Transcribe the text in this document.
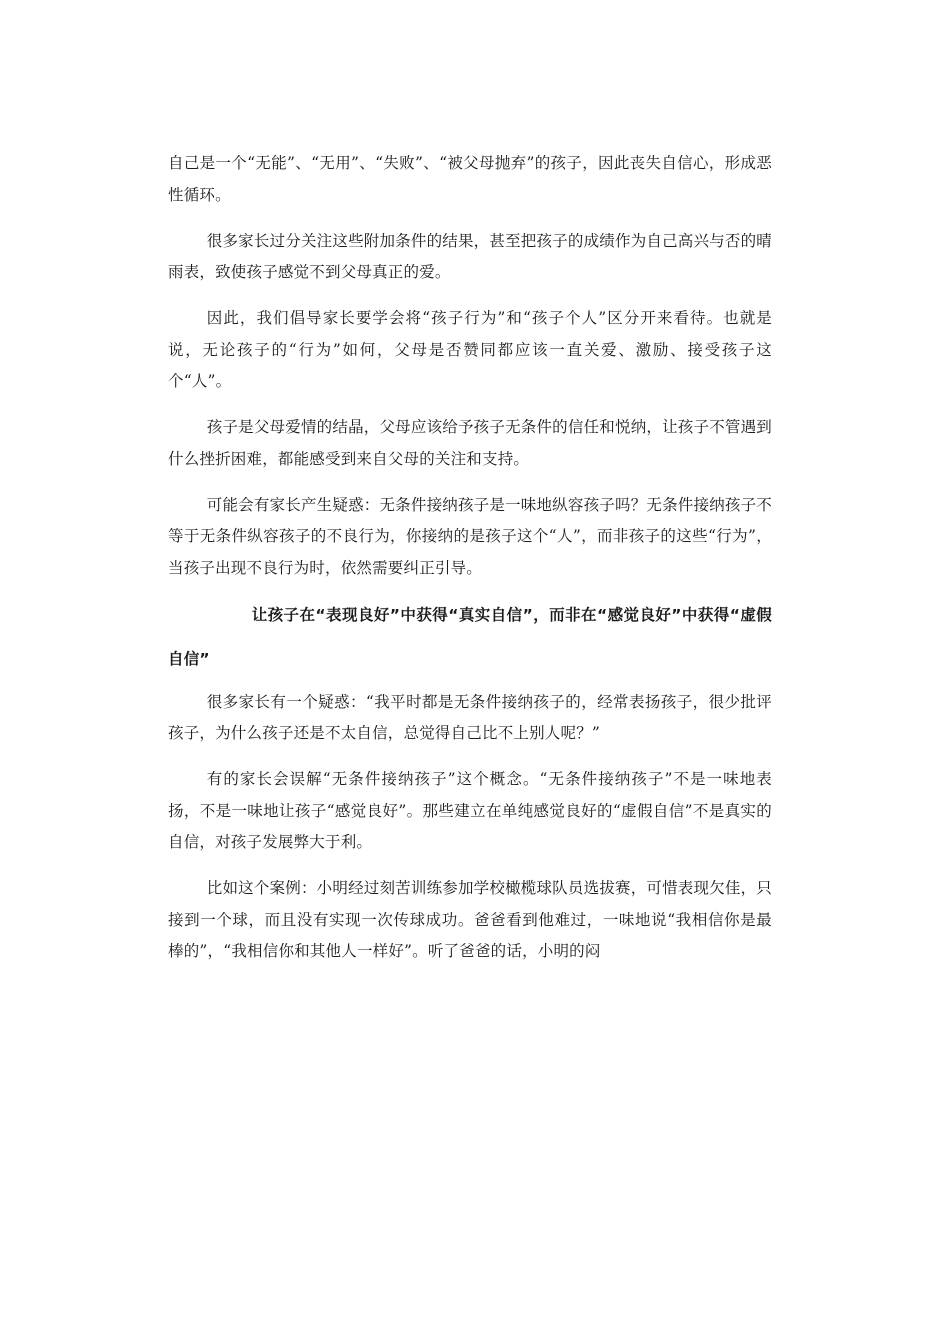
自己是一个“无能”、“无用”、“失败”、“被父母抛弃”的孩子，因此丧失自信心，形成恶性循环。

很多家长过分关注这些附加条件的结果，甚至把孩子的成绩作为自己高兴与否的晴雨表，致使孩子感觉不到父母真正的爱。

因此，我们倡导家长要学会将“孩子行为”和“孩子个人”区分开来看待。也就是说，无论孩子的“行为”如何，父母是否赞同都应该一直关爱、激励、接受孩子这个“人”。

孩子是父母爱情的结晶，父母应该给予孩子无条件的信任和悦纳，让孩子不管遇到什么挫折困难，都能感受到来自父母的关注和支持。

可能会有家长产生疑惑：无条件接纳孩子是一味地纵容孩子吗？无条件接纳孩子不等于无条件纵容孩子的不良行为，你接纳的是孩子这个“人”，而非孩子的这些“行为”，当孩子出现不良行为时，依然需要纠正引导。

让孩子在“表现良好”中获得“真实自信”，而非在“感觉良好”中获得“虚假自信”

很多家长有一个疑惑：“我平时都是无条件接纳孩子的，经常表扬孩子，很少批评孩子，为什么孩子还是不太自信，总觉得自己比不上别人呢？”

有的家长会误解“无条件接纳孩子”这个概念。“无条件接纳孩子”不是一味地表扬，不是一味地让孩子“感觉良好”。那些建立在单纯感觉良好的“虚假自信”不是真实的自信，对孩子发展弊大于利。

比如这个案例：小明经过刻苦训练参加学校橄榄球队员选拔赛，可惜表现欠佳，只接到一个球，而且没有实现一次传球成功。爸爸看到他难过，一味地说“我相信你是最棒的”，“我相信你和其他人一样好”。听了爸爸的话，小明的闷
